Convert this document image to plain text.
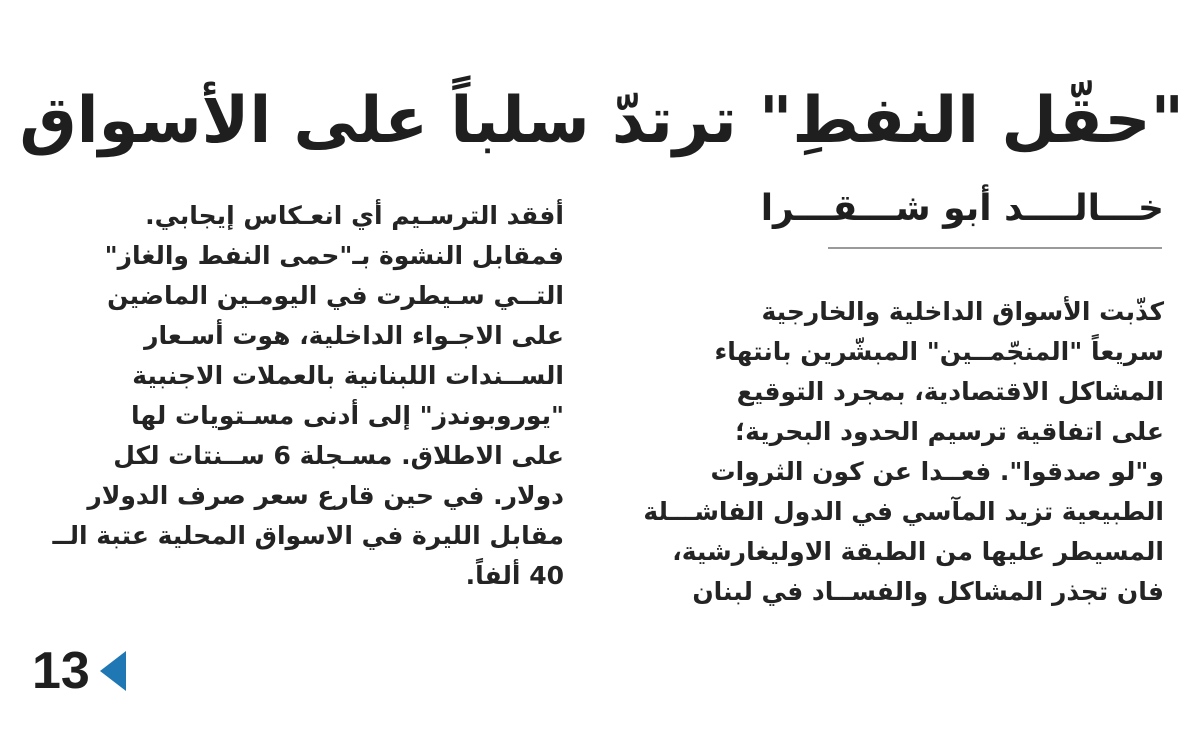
"حقّل النفطِ" ترتدّ سلباً على الأسواق
خـــالــــد أبو شـــقـــرا
كذّبت الأسواق الداخلية والخارجية
سريعاً "المنجّمــين" المبشّرين بانتهاء
المشاكل الاقتصادية، بمجرد التوقيع
على اتفاقية ترسيم الحدود البحرية؛
و"لو صدقوا". فعــدا عن كون الثروات
الطبيعية تزيد المآسي في الدول الفاشـــلة
المسيطر عليها من الطبقة الاوليغارشية،
فان تجذر المشاكل والفســاد في لبنان
أفقد الترسـيم أي انعـكاس إيجابي.
فمقابل النشوة بـ"حمى النفط والغاز"
التــي سـيطرت في اليومـين الماضين
على الاجـواء الداخلية، هوت أسـعار
الســندات اللبنانية بالعملات الاجنبية
"يوروبوندز" إلى أدنى مسـتويات لها
على الاطلاق. مسـجلة 6 ســنتات لكل
دولار. في حين قارع سعر صرف الدولار
مقابل الليرة في الاسواق المحلية عتبة الــ
40 ألفاً.
13
